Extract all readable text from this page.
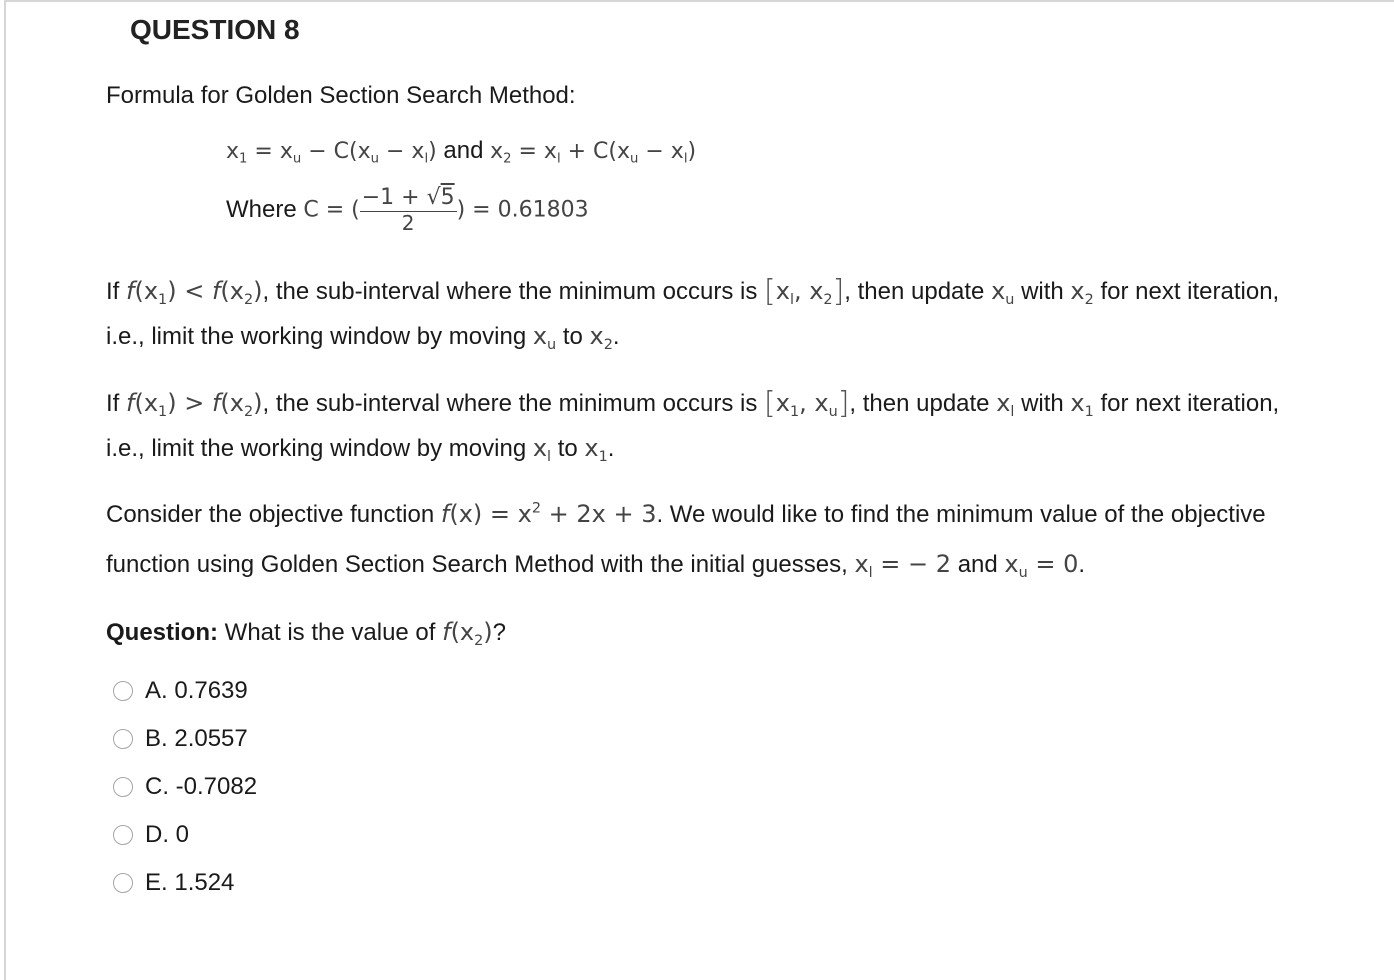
QUESTION 8
Formula for Golden Section Search Method:
$x_1 = x_u - C(x_u - x_l)$ and $x_2 = x_l + C(x_u - x_l)$
Where C = ( $\frac{-1 + √5}{2}$ ) = 0.61803
If $f(x_1) < f(x_2)$, the sub-interval where the minimum occurs is [$x_l$, $x_2$], then update $x_u$ with $x_2$ for next iteration,
i.e., limit the working window by moving $x_u$ to $x_2$.
If $f(x_1) > f(x_2)$, the sub-interval where the minimum occurs is [$x_1$, $x_u$], then update $x_l$ with $x_1$ for next iteration,
i.e., limit the working window by moving $x_l$ to $x_1$.
Consider the objective function $f(x) = x^2 + 2x + 3$. We would like to find the minimum value of the objective
function using Golden Section Search Method with the initial guesses, $x_l$ = − 2 and $x_u = 0$.
Question: What is the value of $f(x_2)$?
A. 0.7639
B. 2.0557
C. -0.7082
D. 0
E. 1.524
